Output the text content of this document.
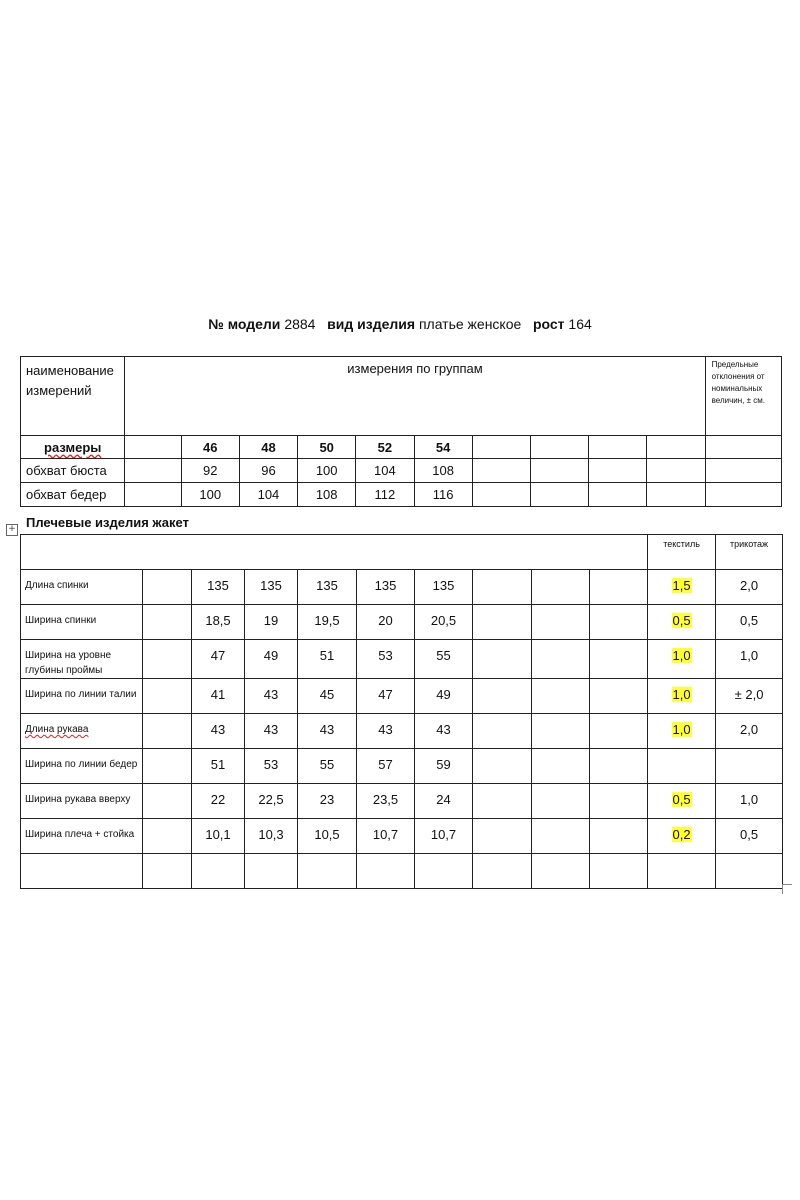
№ модели 2884 вид изделия платье женское рост 164
наименование измерений	измерения по группам										Предельные отклонения от номинальных величин, ± см.
размеры		46	48	50	52	54					
обхват бюста		92	96	100	104	108					
обхват бедер		100	104	108	112	116					
+ Плечевые изделия жакет
										текстиль	трикотаж
Длина спинки		135	135	135	135	135				1,5	2,0
Ширина спинки		18,5	19	19,5	20	20,5				0,5	0,5
Ширина на уровне глубины проймы		47	49	51	53	55				1,0	1,0
Ширина по линии талии		41	43	45	47	49				1,0	± 2,0
Длина рукава		43	43	43	43	43				1,0	2,0
Ширина по линии бедер		51	53	55	57	59					
Ширина рукава вверху		22	22,5	23	23,5	24				0,5	1,0
Ширина плеча + стойка		10,1	10,3	10,5	10,7	10,7				0,2	0,5
